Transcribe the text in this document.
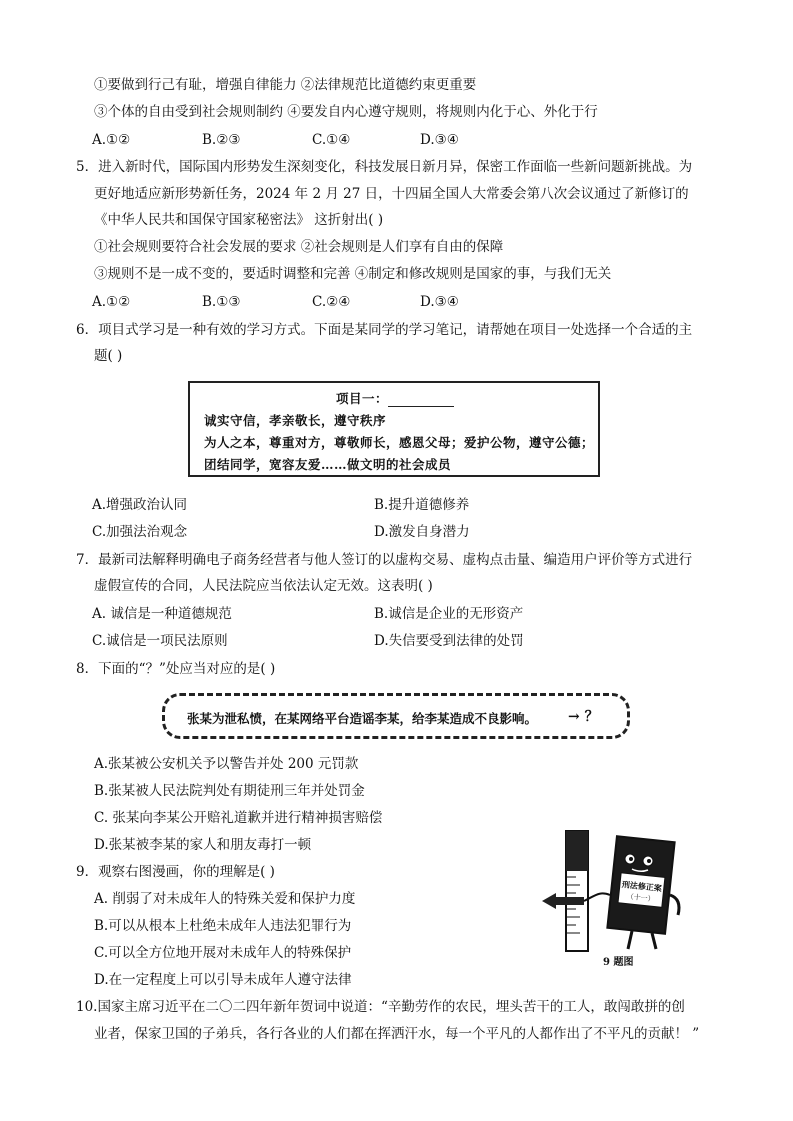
①要做到行己有耻，增强自律能力 ②法律规范比道德约束更重要
③个体的自由受到社会规则制约 ④要发自内心遵守规则，将规则内化于心、外化于行
A.①②	B.②③	C.①④	D.③④
5．进入新时代，国际国内形势发生深刻变化，科技发展日新月异，保密工作面临一些新问题新挑战。为
更好地适应新形势新任务，2024 年 2 月 27 日，十四届全国人大常委会第八次会议通过了新修订的
《中华人民共和国保守国家秘密法》 这折射出( )
①社会规则要符合社会发展的要求 ②社会规则是人们享有自由的保障
③规则不是一成不变的，要适时调整和完善 ④制定和修改规则是国家的事，与我们无关
A.①②	B.①③	C.②④	D.③④
6．项目式学习是一种有效的学习方式。下面是某同学的学习笔记，请帮她在项目一处选择一个合适的主
题( )
项目一：
诚实守信，孝亲敬长，遵守秩序
为人之本，尊重对方，尊敬师长，感恩父母；爱护公物，遵守公德；
团结同学，宽容友爱……做文明的社会成员
A.增强政治认同	B.提升道德修养
C.加强法治观念	D.激发自身潜力
7．最新司法解释明确电子商务经营者与他人签订的以虚构交易、虚构点击量、编造用户评价等方式进行
虚假宣传的合同，人民法院应当依法认定无效。这表明( )
A. 诚信是一种道德规范	B.诚信是企业的无形资产
C.诚信是一项民法原则	D.失信要受到法律的处罚
8．下面的“？”处应当对应的是( )
张某为泄私愤，在某网络平台造谣李某，给李某造成不良影响。 → ？
A.张某被公安机关予以警告并处 200 元罚款
B.张某被人民法院判处有期徒刑三年并处罚金
C. 张某向李某公开赔礼道歉并进行精神损害赔偿
D.张某被李某的家人和朋友毒打一顿
9．观察右图漫画，你的理解是( )
A. 削弱了对未成年人的特殊关爱和保护力度
B.可以从根本上杜绝未成年人违法犯罪行为
C.可以全方位地开展对未成年人的特殊保护
D.在一定程度上可以引导未成年人遵守法律
刑法修正案
（十一）
9 题图
10.国家主席习近平在二〇二四年新年贺词中说道：“辛勤劳作的农民，埋头苦干的工人，敢闯敢拼的创
业者，保家卫国的子弟兵，各行各业的人们都在挥洒汗水，每一个平凡的人都作出了不平凡的贡献！ ”
